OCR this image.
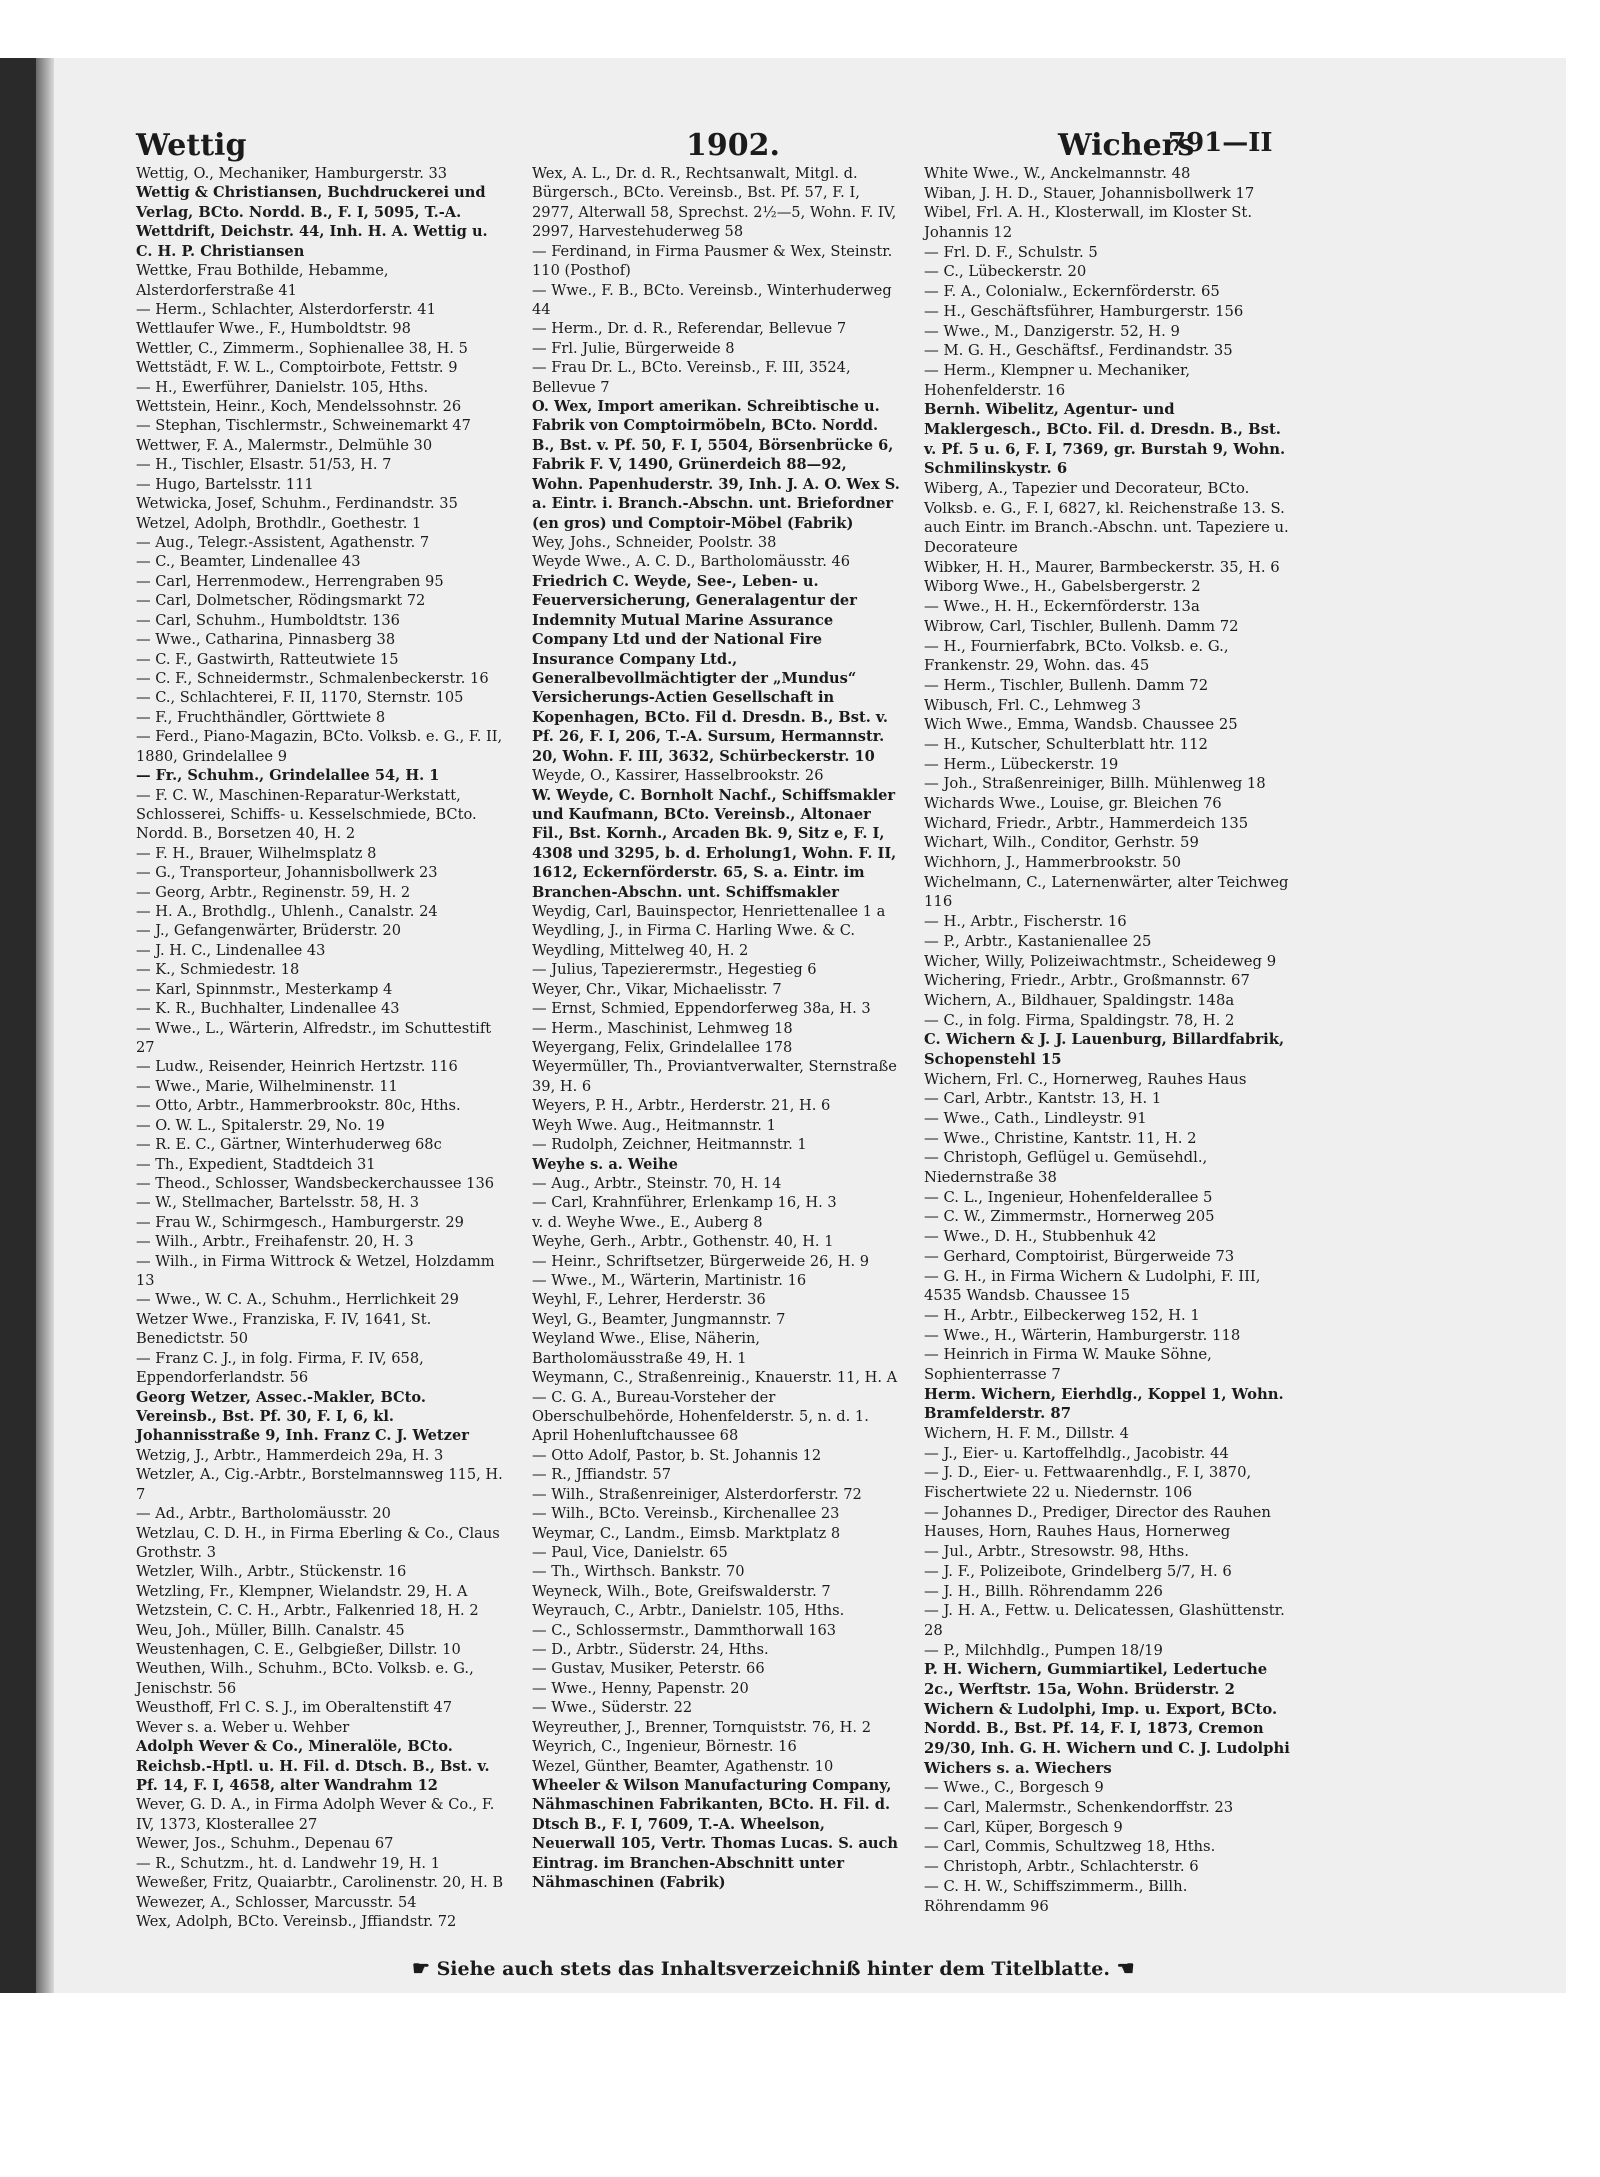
Wettig	1902.	Wichers
791—II
Wettig, O., Mechaniker, Hamburgerstr. 33
Wettig & Christiansen, Buchdruckerei und Verlag, BCto. Nordd. B., F. I, 5095, T.-A. Wettdrift, Deichstr. 44, Inh. H. A. Wettig u. C. H. P. Christiansen
Wettke, Frau Bothilde, Hebamme, Alsterdorferstraße 41
— Herm., Schlachter, Alsterdorferstr. 41
Wettlaufer Wwe., F., Humboldtstr. 98
Wettler, C., Zimmerm., Sophienallee 38, H. 5
Wettstädt, F. W. L., Comptoirbote, Fettstr. 9
— H., Ewerführer, Danielstr. 105, Hths.
Wettstein, Heinr., Koch, Mendelssohnstr. 26
— Stephan, Tischlermstr., Schweinemarkt 47
Wettwer, F. A., Malermstr., Delmühle 30
— H., Tischler, Elsastr. 51/53, H. 7
— Hugo, Bartelsstr. 111
Wetwicka, Josef, Schuhm., Ferdinandstr. 35
Wetzel, Adolph, Brothdlr., Goethestr. 1
— Aug., Telegr.-Assistent, Agathenstr. 7
— C., Beamter, Lindenallee 43
— Carl, Herrenmodew., Herrengraben 95
— Carl, Dolmetscher, Rödingsmarkt 72
— Carl, Schuhm., Humboldtstr. 136
— Wwe., Catharina, Pinnasberg 38
— C. F., Gastwirth, Ratteutwiete 15
— C. F., Schneidermstr., Schmalenbeckerstr. 16
— C., Schlachterei, F. II, 1170, Sternstr. 105
— F., Fruchthändler, Görttwiete 8
— Ferd., Piano-Magazin, BCto. Volksb. e. G., F. II, 1880, Grindelallee 9
— Fr., Schuhm., Grindelallee 54, H. 1
— F. C. W., Maschinen-Reparatur-Werkstatt, Schlosserei, Schiffs- u. Kesselschmiede, BCto. Nordd. B., Borsetzen 40, H. 2
— F. H., Brauer, Wilhelmsplatz 8
— G., Transporteur, Johannisbollwerk 23
— Georg, Arbtr., Reginenstr. 59, H. 2
— H. A., Brothdlg., Uhlenh., Canalstr. 24
— J., Gefangenwärter, Brüderstr. 20
— J. H. C., Lindenallee 43
— K., Schmiedestr. 18
— Karl, Spinnmstr., Mesterkamp 4
— K. R., Buchhalter, Lindenallee 43
— Wwe., L., Wärterin, Alfredstr., im Schuttestift 27
— Ludw., Reisender, Heinrich Hertzstr. 116
— Wwe., Marie, Wilhelminenstr. 11
— Otto, Arbtr., Hammerbrookstr. 80c, Hths.
— O. W. L., Spitalerstr. 29, No. 19
— R. E. C., Gärtner, Winterhuderweg 68c
— Th., Expedient, Stadtdeich 31
— Theod., Schlosser, Wandsbeckerchaussee 136
— W., Stellmacher, Bartelsstr. 58, H. 3
— Frau W., Schirmgesch., Hamburgerstr. 29
— Wilh., Arbtr., Freihafenstr. 20, H. 3
— Wilh., in Firma Wittrock & Wetzel, Holzdamm 13
— Wwe., W. C. A., Schuhm., Herrlichkeit 29
Wetzer Wwe., Franziska, F. IV, 1641, St. Benedictstr. 50
— Franz C. J., in folg. Firma, F. IV, 658, Eppendorferlandstr. 56
Georg Wetzer, Assec.-Makler, BCto. Vereinsb., Bst. Pf. 30, F. I, 6, kl. Johannisstraße 9, Inh. Franz C. J. Wetzer
Wetzig, J., Arbtr., Hammerdeich 29a, H. 3
Wetzler, A., Cig.-Arbtr., Borstelmannsweg 115, H. 7
— Ad., Arbtr., Bartholomäusstr. 20
Wetzlau, C. D. H., in Firma Eberling & Co., Claus Grothstr. 3
Wetzler, Wilh., Arbtr., Stückenstr. 16
Wetzling, Fr., Klempner, Wielandstr. 29, H. A
Wetzstein, C. C. H., Arbtr., Falkenried 18, H. 2
Weu, Joh., Müller, Billh. Canalstr. 45
Weustenhagen, C. E., Gelbgießer, Dillstr. 10
Weuthen, Wilh., Schuhm., BCto. Volksb. e. G., Jenischstr. 56
Weusthoff, Frl C. S. J., im Oberaltenstift 47
Wever s. a. Weber u. Wehber
Adolph Wever & Co., Mineralöle, BCto. Reichsb.-Hptl. u. H. Fil. d. Dtsch. B., Bst. v. Pf. 14, F. I, 4658, alter Wandrahm 12
Wever, G. D. A., in Firma Adolph Wever & Co., F. IV, 1373, Klosterallee 27
Wewer, Jos., Schuhm., Depenau 67
— R., Schutzm., ht. d. Landwehr 19, H. 1
Weweßer, Fritz, Quaiarbtr., Carolinenstr. 20, H. B
Wewezer, A., Schlosser, Marcusstr. 54
Wex, Adolph, BCto. Vereinsb., Jffiandstr. 72
Wex, A. L., Dr. d. R., Rechtsanwalt, Mitgl. d. Bürgersch., BCto. Vereinsb., Bst. Pf. 57, F. I, 2977, Alterwall 58, Sprechst. 2½—5, Wohn. F. IV, 2997, Harvestehuderweg 58
— Ferdinand, in Firma Pausmer & Wex, Steinstr. 110 (Posthof)
— Wwe., F. B., BCto. Vereinsb., Winterhuderweg 44
— Herm., Dr. d. R., Referendar, Bellevue 7
— Frl. Julie, Bürgerweide 8
— Frau Dr. L., BCto. Vereinsb., F. III, 3524, Bellevue 7
O. Wex, Import amerikan. Schreibtische u. Fabrik von Comptoirmöbeln, BCto. Nordd. B., Bst. v. Pf. 50, F. I, 5504, Börsenbrücke 6, Fabrik F. V, 1490, Grünerdeich 88—92, Wohn. Papenhuderstr. 39, Inh. J. A. O. Wex S. a. Eintr. i. Branch.-Abschn. unt. Briefordner (en gros) und Comptoir-Möbel (Fabrik)
Wey, Johs., Schneider, Poolstr. 38
Weyde Wwe., A. C. D., Bartholomäusstr. 46
Friedrich C. Weyde, See-, Leben- u. Feuerversicherung, Generalagentur der Indemnity Mutual Marine Assurance Company Ltd und der National Fire Insurance Company Ltd., Generalbevollmächtigter der „Mundus“ Versicherungs-Actien Gesellschaft in Kopenhagen, BCto. Fil d. Dresdn. B., Bst. v. Pf. 26, F. I, 206, T.-A. Sursum, Hermannstr. 20, Wohn. F. III, 3632, Schürbeckerstr. 10
Weyde, O., Kassirer, Hasselbrookstr. 26
W. Weyde, C. Bornholt Nachf., Schiffsmakler und Kaufmann, BCto. Vereinsb., Altonaer Fil., Bst. Kornh., Arcaden Bk. 9, Sitz e, F. I, 4308 und 3295, b. d. Erholung1, Wohn. F. II, 1612, Eckernförderstr. 65, S. a. Eintr. im Branchen-Abschn. unt. Schiffsmakler
Weydig, Carl, Bauinspector, Henriettenallee 1 a
Weydling, J., in Firma C. Harling Wwe. & C. Weydling, Mittelweg 40, H. 2
— Julius, Tapezierermstr., Hegestieg 6
Weyer, Chr., Vikar, Michaelisstr. 7
— Ernst, Schmied, Eppendorferweg 38a, H. 3
— Herm., Maschinist, Lehmweg 18
Weyergang, Felix, Grindelallee 178
Weyermüller, Th., Proviantverwalter, Sternstraße 39, H. 6
Weyers, P. H., Arbtr., Herderstr. 21, H. 6
Weyh Wwe. Aug., Heitmannstr. 1
— Rudolph, Zeichner, Heitmannstr. 1
Weyhe s. a. Weihe
— Aug., Arbtr., Steinstr. 70, H. 14
— Carl, Krahnführer, Erlenkamp 16, H. 3
v. d. Weyhe Wwe., E., Auberg 8
Weyhe, Gerh., Arbtr., Gothenstr. 40, H. 1
— Heinr., Schriftsetzer, Bürgerweide 26, H. 9
— Wwe., M., Wärterin, Martinistr. 16
Weyhl, F., Lehrer, Herderstr. 36
Weyl, G., Beamter, Jungmannstr. 7
Weyland Wwe., Elise, Näherin, Bartholomäusstraße 49, H. 1
Weymann, C., Straßenreinig., Knauerstr. 11, H. A
— C. G. A., Bureau-Vorsteher der Oberschulbehörde, Hohenfelderstr. 5, n. d. 1. April Hohenluftchaussee 68
— Otto Adolf, Pastor, b. St. Johannis 12
— R., Jffiandstr. 57
— Wilh., Straßenreiniger, Alsterdorferstr. 72
— Wilh., BCto. Vereinsb., Kirchenallee 23
Weymar, C., Landm., Eimsb. Marktplatz 8
— Paul, Vice, Danielstr. 65
— Th., Wirthsch. Bankstr. 70
Weyneck, Wilh., Bote, Greifswalderstr. 7
Weyrauch, C., Arbtr., Danielstr. 105, Hths.
— C., Schlossermstr., Dammthorwall 163
— D., Arbtr., Süderstr. 24, Hths.
— Gustav, Musiker, Peterstr. 66
— Wwe., Henny, Papenstr. 20
— Wwe., Süderstr. 22
Weyreuther, J., Brenner, Tornquiststr. 76, H. 2
Weyrich, C., Ingenieur, Börnestr. 16
Wezel, Günther, Beamter, Agathenstr. 10
Wheeler & Wilson Manufacturing Company, Nähmaschinen Fabrikanten, BCto. H. Fil. d. Dtsch B., F. I, 7609, T.-A. Wheelson, Neuerwall 105, Vertr. Thomas Lucas. S. auch Eintrag. im Branchen-Abschnitt unter Nähmaschinen (Fabrik)
White Wwe., W., Anckelmannstr. 48
Wiban, J. H. D., Stauer, Johannisbollwerk 17
Wibel, Frl. A. H., Klosterwall, im Kloster St. Johannis 12
— Frl. D. F., Schulstr. 5
— C., Lübeckerstr. 20
— F. A., Colonialw., Eckernförderstr. 65
— H., Geschäftsführer, Hamburgerstr. 156
— Wwe., M., Danzigerstr. 52, H. 9
— M. G. H., Geschäftsf., Ferdinandstr. 35
— Herm., Klempner u. Mechaniker, Hohenfelderstr. 16
Bernh. Wibelitz, Agentur- und Maklergesch., BCto. Fil. d. Dresdn. B., Bst. v. Pf. 5 u. 6, F. I, 7369, gr. Burstah 9, Wohn. Schmilinskystr. 6
Wiberg, A., Tapezier und Decorateur, BCto. Volksb. e. G., F. I, 6827, kl. Reichenstraße 13. S. auch Eintr. im Branch.-Abschn. unt. Tapeziere u. Decorateure
Wibker, H. H., Maurer, Barmbeckerstr. 35, H. 6
Wiborg Wwe., H., Gabelsbergerstr. 2
— Wwe., H. H., Eckernförderstr. 13a
Wibrow, Carl, Tischler, Bullenh. Damm 72
— H., Fournierfabrk, BCto. Volksb. e. G., Frankenstr. 29, Wohn. das. 45
— Herm., Tischler, Bullenh. Damm 72
Wibusch, Frl. C., Lehmweg 3
Wich Wwe., Emma, Wandsb. Chaussee 25
— H., Kutscher, Schulterblatt htr. 112
— Herm., Lübeckerstr. 19
— Joh., Straßenreiniger, Billh. Mühlenweg 18
Wichards Wwe., Louise, gr. Bleichen 76
Wichard, Friedr., Arbtr., Hammerdeich 135
Wichart, Wilh., Conditor, Gerhstr. 59
Wichhorn, J., Hammerbrookstr. 50
Wichelmann, C., Laternenwärter, alter Teichweg 116
— H., Arbtr., Fischerstr. 16
— P., Arbtr., Kastanienallee 25
Wicher, Willy, Polizeiwachtmstr., Scheideweg 9
Wichering, Friedr., Arbtr., Großmannstr. 67
Wichern, A., Bildhauer, Spaldingstr. 148a
— C., in folg. Firma, Spaldingstr. 78, H. 2
C. Wichern & J. J. Lauenburg, Billardfabrik, Schopenstehl 15
Wichern, Frl. C., Hornerweg, Rauhes Haus
— Carl, Arbtr., Kantstr. 13, H. 1
— Wwe., Cath., Lindleystr. 91
— Wwe., Christine, Kantstr. 11, H. 2
— Christoph, Geflügel u. Gemüsehdl., Niedernstraße 38
— C. L., Ingenieur, Hohenfelderallee 5
— C. W., Zimmermstr., Hornerweg 205
— Wwe., D. H., Stubbenhuk 42
— Gerhard, Comptoirist, Bürgerweide 73
— G. H., in Firma Wichern & Ludolphi, F. III, 4535 Wandsb. Chaussee 15
— H., Arbtr., Eilbeckerweg 152, H. 1
— Wwe., H., Wärterin, Hamburgerstr. 118
— Heinrich in Firma W. Mauke Söhne, Sophienterrasse 7
Herm. Wichern, Eierhdlg., Koppel 1, Wohn. Bramfelderstr. 87
Wichern, H. F. M., Dillstr. 4
— J., Eier- u. Kartoffelhdlg., Jacobistr. 44
— J. D., Eier- u. Fettwaarenhdlg., F. I, 3870, Fischertwiete 22 u. Niedernstr. 106
— Johannes D., Prediger, Director des Rauhen Hauses, Horn, Rauhes Haus, Hornerweg
— Jul., Arbtr., Stresowstr. 98, Hths.
— J. F., Polizeibote, Grindelberg 5/7, H. 6
— J. H., Billh. Röhrendamm 226
— J. H. A., Fettw. u. Delicatessen, Glashüttenstr. 28
— P., Milchhdlg., Pumpen 18/19
P. H. Wichern, Gummiartikel, Ledertuche 2c., Werftstr. 15a, Wohn. Brüderstr. 2
Wichern & Ludolphi, Imp. u. Export, BCto. Nordd. B., Bst. Pf. 14, F. I, 1873, Cremon 29/30, Inh. G. H. Wichern und C. J. Ludolphi
Wichers s. a. Wiechers
— Wwe., C., Borgesch 9
— Carl, Malermstr., Schenkendorffstr. 23
— Carl, Küper, Borgesch 9
— Carl, Commis, Schultzweg 18, Hths.
— Christoph, Arbtr., Schlachterstr. 6
— C. H. W., Schiffszimmerm., Billh. Röhrendamm 96
☛ Siehe auch stets das Inhaltsverzeichniß hinter dem Titelblatte. ☚
